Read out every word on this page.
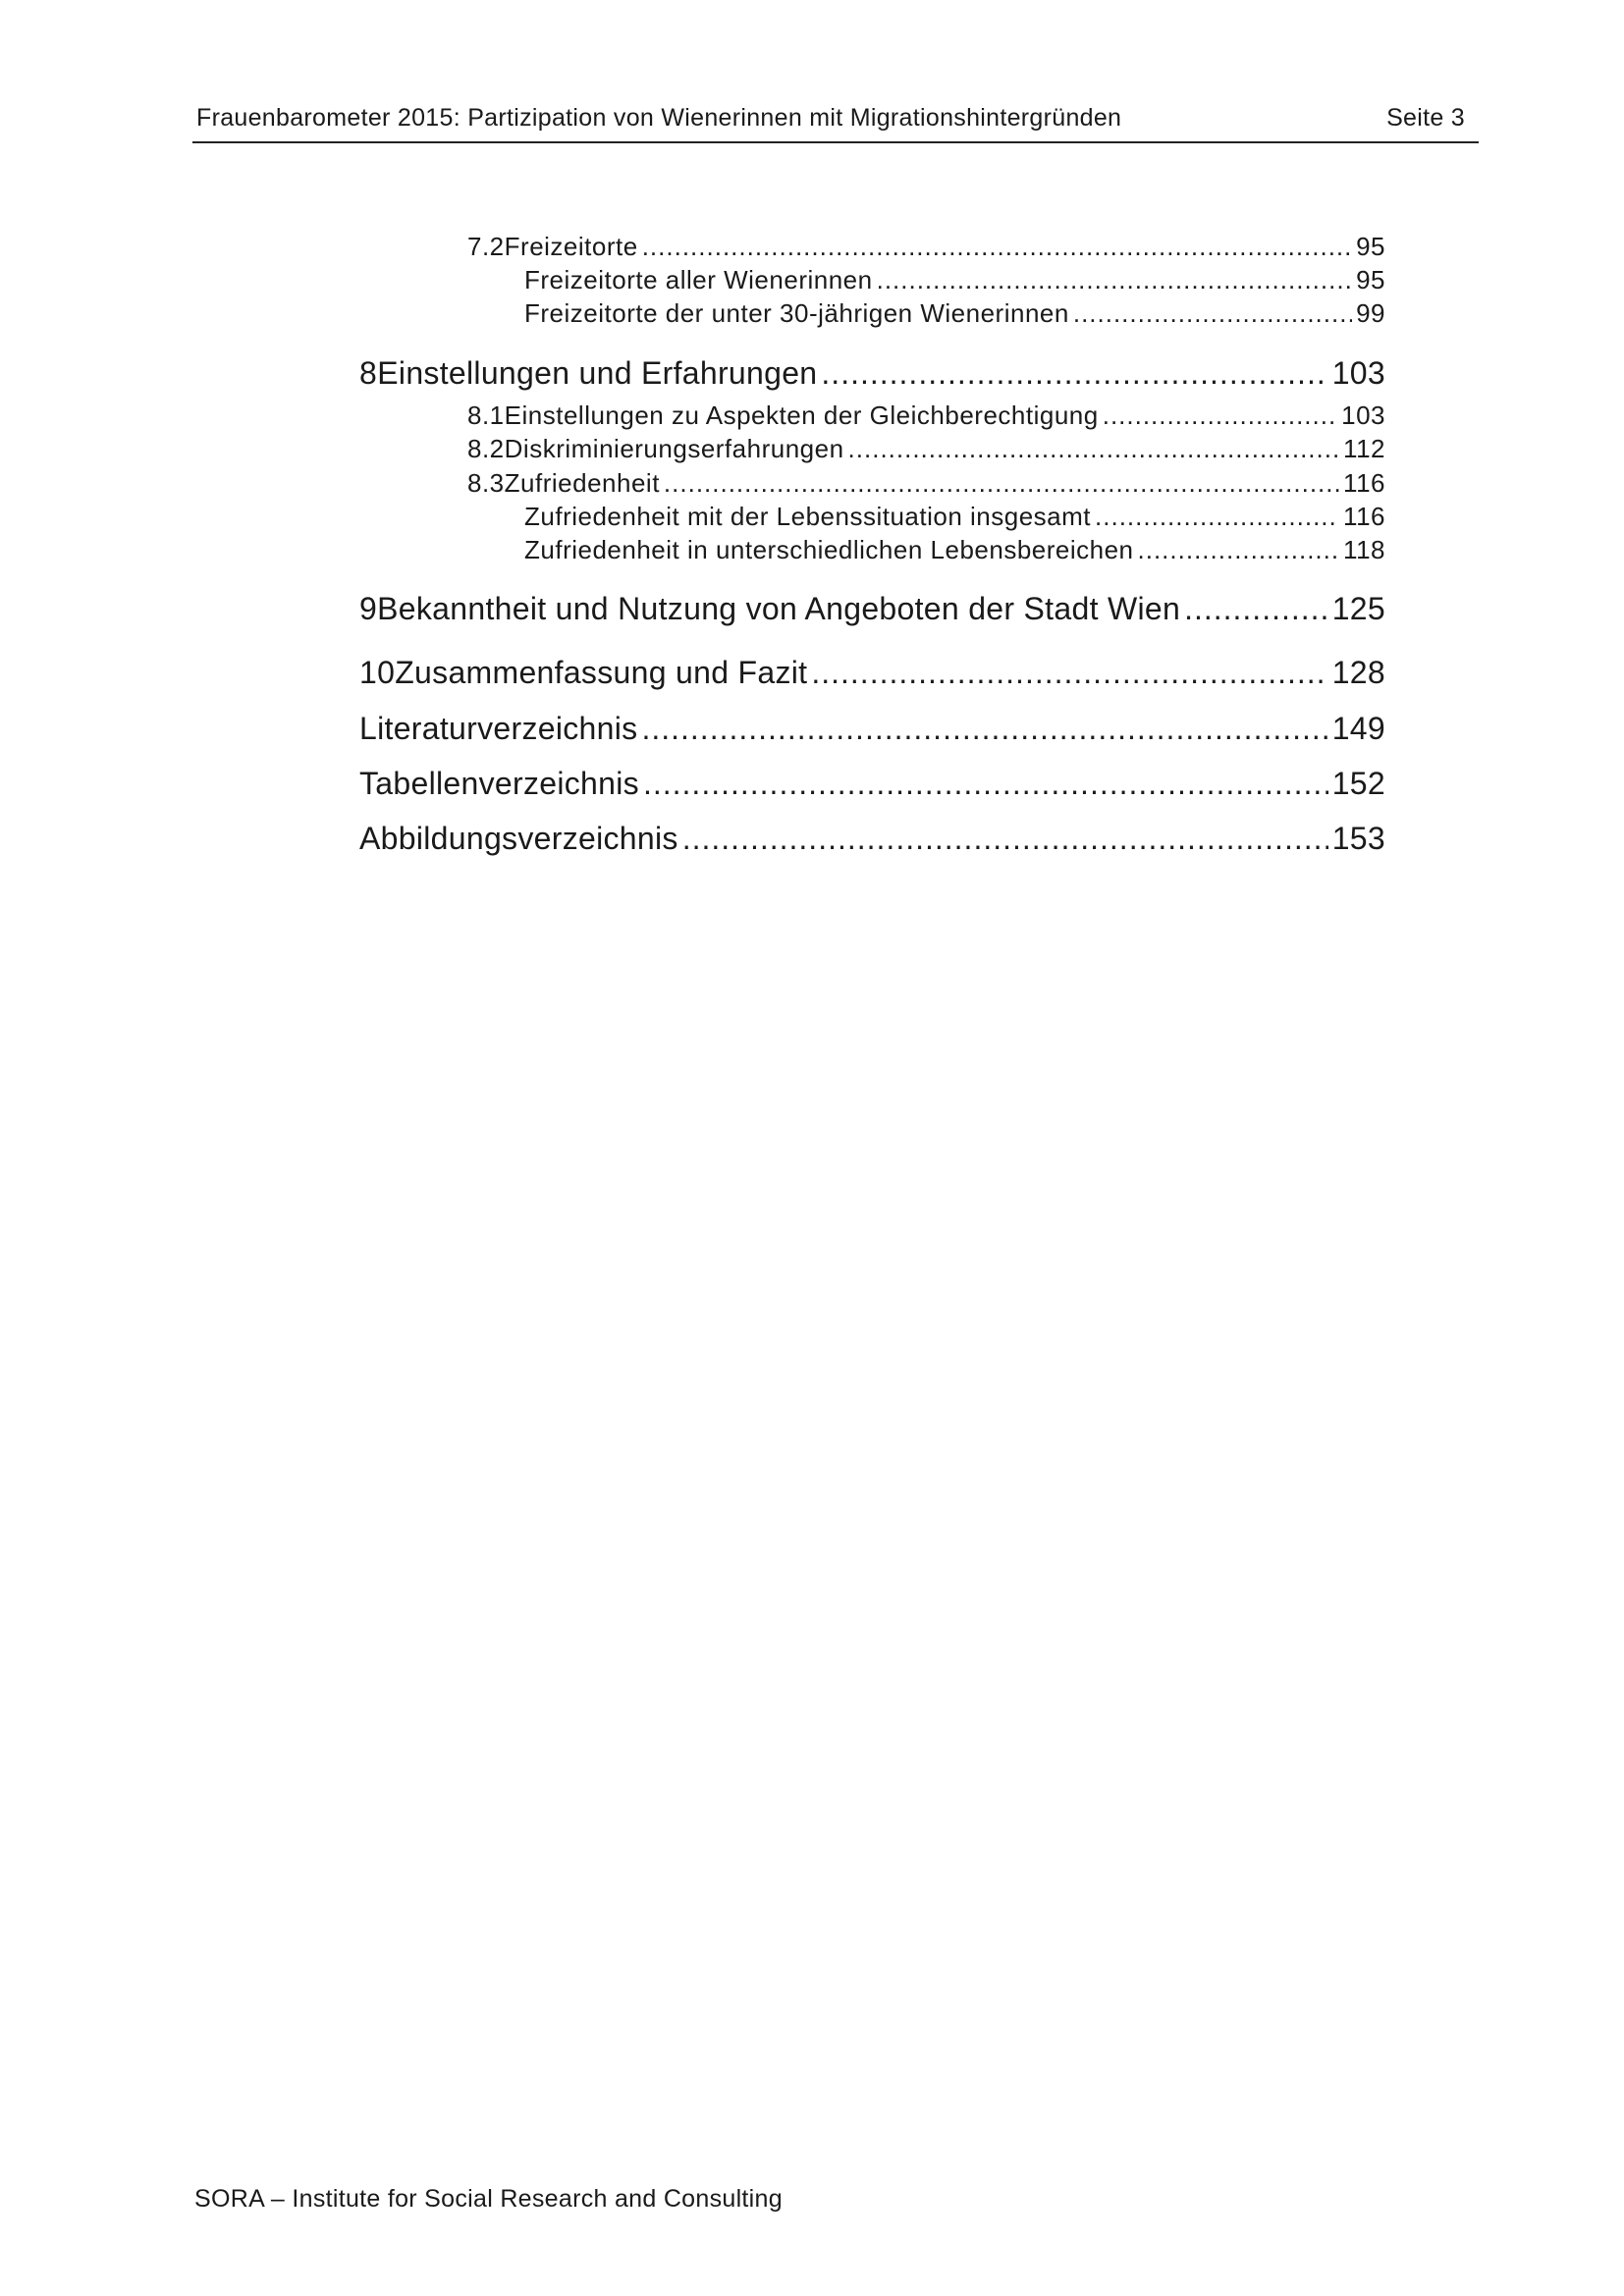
Frauenbarometer 2015: Partizipation von Wienerinnen mit Migrationshintergründen	Seite 3
7.2 Freizeitorte .....	95
Freizeitorte aller Wienerinnen .....	95
Freizeitorte der unter 30-jährigen Wienerinnen .....	99
8 Einstellungen und Erfahrungen .....	103
8.1 Einstellungen zu Aspekten der Gleichberechtigung .....	103
8.2 Diskriminierungserfahrungen .....	112
8.3 Zufriedenheit .....	116
Zufriedenheit mit der Lebenssituation insgesamt .....	116
Zufriedenheit in unterschiedlichen Lebensbereichen .....	118
9 Bekanntheit und Nutzung von Angeboten der Stadt Wien .....	125
10 Zusammenfassung und Fazit .....	128
Literaturverzeichnis .....	149
Tabellenverzeichnis .....	152
Abbildungsverzeichnis .....	153
SORA – Institute for Social Research and Consulting
